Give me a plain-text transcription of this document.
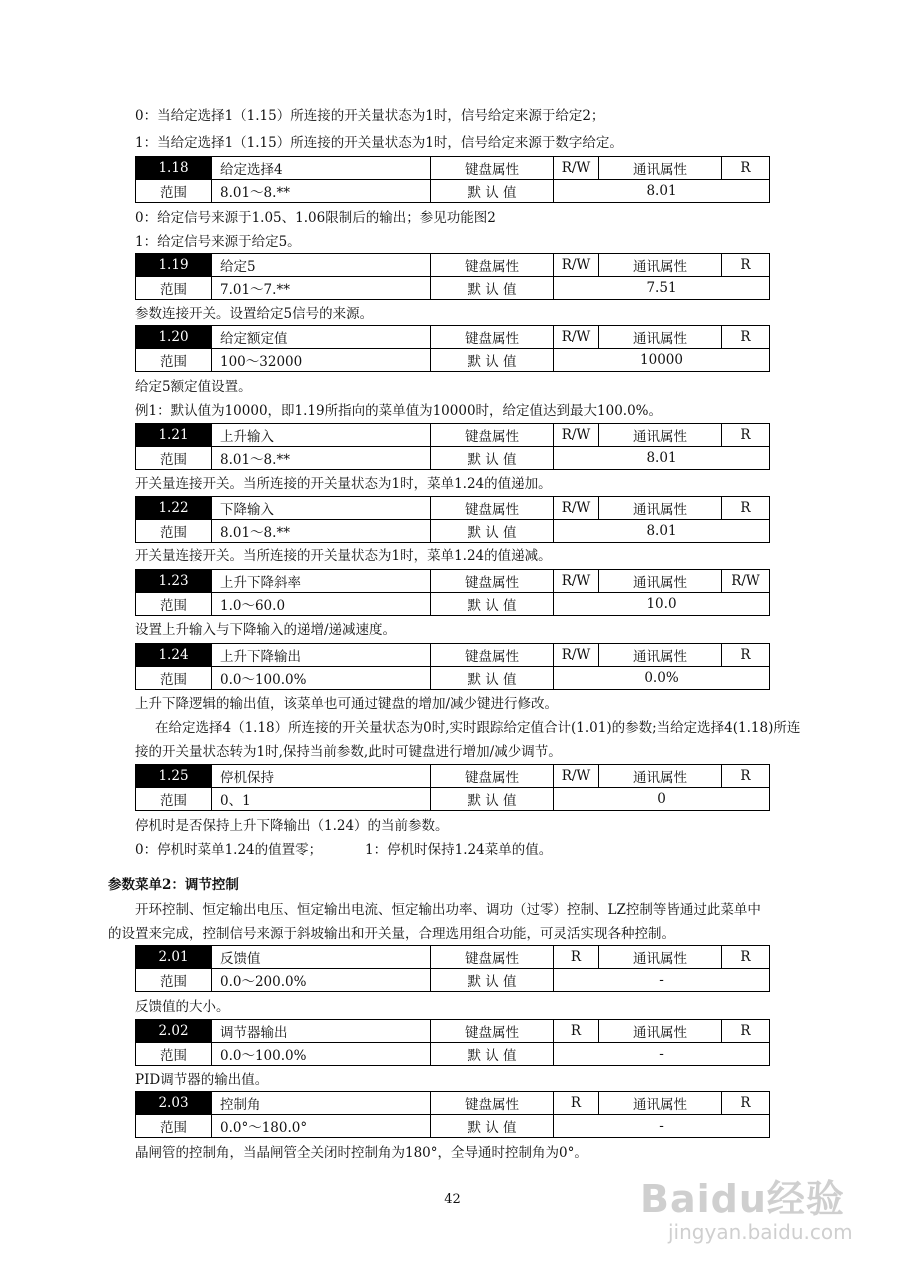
0：当给定选择1（1.15）所连接的开关量状态为1时，信号给定来源于给定2；
1：当给定选择1（1.15）所连接的开关量状态为1时，信号给定来源于数字给定。
1.18	给定选择4	键盘属性	R/W	通讯属性	R
范围	8.01～8.**	默 认 值	8.01		
0：给定信号来源于1.05、1.06限制后的输出；参见功能图2
1：给定信号来源于给定5。
1.19	给定5	键盘属性	R/W	通讯属性	R
范围	7.01～7.**	默 认 值	7.51		
参数连接开关。设置给定5信号的来源。
1.20	给定额定值	键盘属性	R/W	通讯属性	R
范围	100～32000	默 认 值	10000		
给定5额定值设置。
例1：默认值为10000，即1.19所指向的菜单值为10000时，给定值达到最大100.0%。
1.21	上升输入	键盘属性	R/W	通讯属性	R
范围	8.01～8.**	默 认 值	8.01		
开关量连接开关。当所连接的开关量状态为1时，菜单1.24的值递加。
1.22	下降输入	键盘属性	R/W	通讯属性	R
范围	8.01～8.**	默 认 值	8.01		
开关量连接开关。当所连接的开关量状态为1时，菜单1.24的值递减。
1.23	上升下降斜率	键盘属性	R/W	通讯属性	R/W
范围	1.0～60.0	默 认 值	10.0		
设置上升输入与下降输入的递增/递减速度。
1.24	上升下降输出	键盘属性	R/W	通讯属性	R
范围	0.0～100.0%	默 认 值	0.0%		
上升下降逻辑的输出值，该菜单也可通过键盘的增加/减少键进行修改。
在给定选择4（1.18）所连接的开关量状态为0时,实时跟踪给定值合计(1.01)的参数;当给定选择4(1.18)所连
接的开关量状态转为1时,保持当前参数,此时可键盘进行增加/减少调节。
1.25	停机保持	键盘属性	R/W	通讯属性	R
范围	0、1	默 认 值	0		
停机时是否保持上升下降输出（1.24）的当前参数。
0：停机时菜单1.24的值置零；          1：停机时保持1.24菜单的值。
参数菜单2：调节控制
开环控制、恒定输出电压、恒定输出电流、恒定输出功率、调功（过零）控制、LZ控制等皆通过此菜单中
的设置来完成，控制信号来源于斜坡输出和开关量，合理选用组合功能，可灵活实现各种控制。
2.01	反馈值	键盘属性	R	通讯属性	R
范围	0.0～200.0%	默 认 值	-		
反馈值的大小。
2.02	调节器输出	键盘属性	R	通讯属性	R
范围	0.0～100.0%	默 认 值	-		
PID调节器的输出值。
2.03	控制角	键盘属性	R	通讯属性	R
范围	0.0°～180.0°	默 认 值	-		
晶闸管的控制角，当晶闸管全关闭时控制角为180°，全导通时控制角为0°。
42	Baidu经验
jingyan.baidu.com
